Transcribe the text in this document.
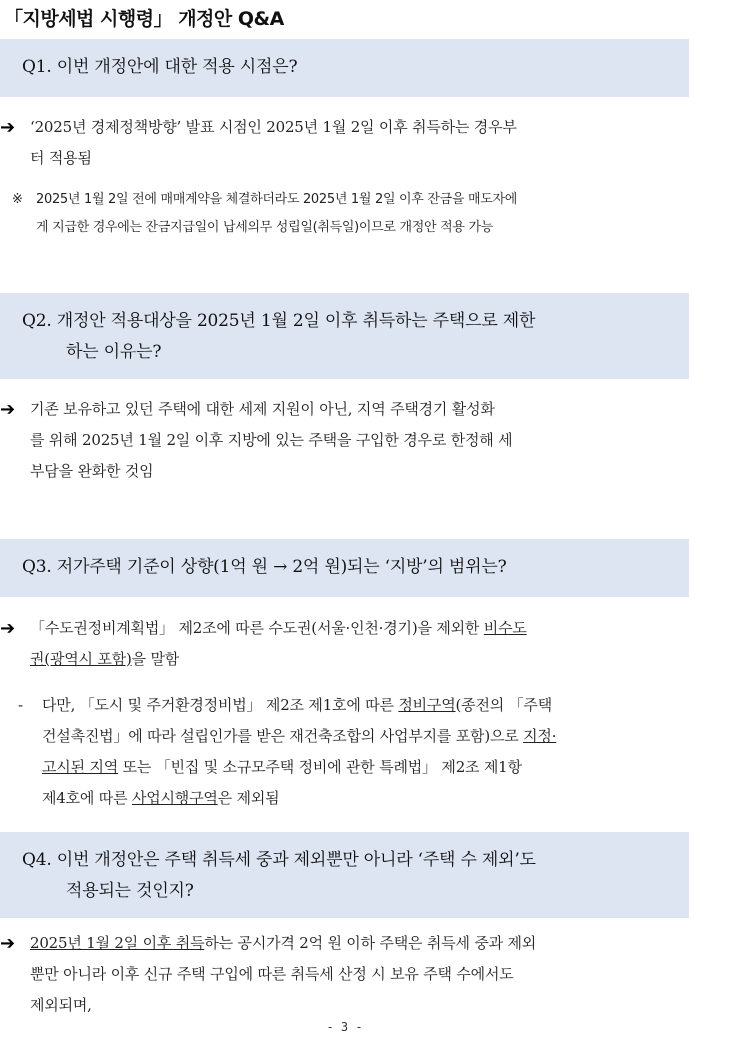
「지방세법 시행령」 개정안 Q&A
Q1. 이번 개정안에 대한 적용 시점은?
➔	‘2025년 경제정책방향’ 발표 시점인 2025년 1월 2일 이후 취득하는 경우부
터 적용됨
※ 2025년 1월 2일 전에 매매계약을 체결하더라도 2025년 1월 2일 이후 잔금을 매도자에
게 지급한 경우에는 잔금지급일이 납세의무 성립일(취득일)이므로 개정안 적용 가능
Q2. 개정안 적용대상을 2025년 1월 2일 이후 취득하는 주택으로 제한
하는 이유는?
➔	기존 보유하고 있던 주택에 대한 세제 지원이 아닌, 지역 주택경기 활성화
를 위해 2025년 1월 2일 이후 지방에 있는 주택을 구입한 경우로 한정해 세
부담을 완화한 것임
Q3. 저가주택 기준이 상향(1억 원 → 2억 원)되는 ‘지방’의 범위는?
➔	「수도권정비계획법」 제2조에 따른 수도권(서울·인천·경기)을 제외한 비수도
권(광역시 포함)을 말함
- 다만, 「도시 및 주거환경정비법」 제2조 제1호에 따른 정비구역(종전의 「주택
건설촉진법」에 따라 설립인가를 받은 재건축조합의 사업부지를 포함)으로 지정·
고시된 지역 또는 「빈집 및 소규모주택 정비에 관한 특례법」 제2조 제1항
제4호에 따른 사업시행구역은 제외됨
Q4. 이번 개정안은 주택 취득세 중과 제외뿐만 아니라 ‘주택 수 제외’도
적용되는 것인지?
➔	2025년 1월 2일 이후 취득하는 공시가격 2억 원 이하 주택은 취득세 중과 제외
뿐만 아니라 이후 신규 주택 구입에 따른 취득세 산정 시 보유 주택 수에서도
제외되며,
- 3 -
